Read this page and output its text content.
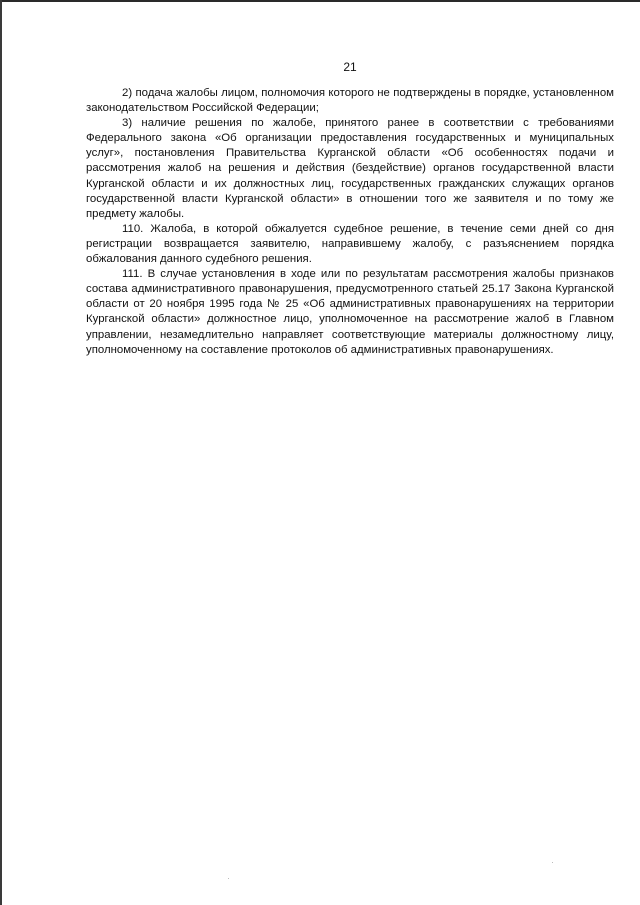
21

2) подача жалобы лицом, полномочия которого не подтверждены в порядке, установленном законодательством Российской Федерации;

3) наличие решения по жалобе, принятого ранее в соответствии с требованиями Федерального закона «Об организации предоставления государственных и муниципальных услуг», постановления Правительства Курганской области «Об особенностях подачи и рассмотрения жалоб на решения и действия (бездействие) органов государственной власти Курганской области и их должностных лиц, государственных гражданских служащих органов государственной власти Курганской области» в отношении того же заявителя и по тому же предмету жалобы.

110. Жалоба, в которой обжалуется судебное решение, в течение семи дней со дня регистрации возвращается заявителю, направившему жалобу, с разъяснением порядка обжалования данного судебного решения.

111. В случае установления в ходе или по результатам рассмотрения жалобы признаков состава административного правонарушения, предусмотренного статьей 25.17 Закона Курганской области от 20 ноября 1995 года № 25 «Об административных правонарушениях на территории Курганской области» должностное лицо, уполномоченное на рассмотрение жалоб в Главном управлении, незамедлительно направляет соответствующие материалы должностному лицу, уполномоченному на составление протоколов об административных правонарушениях.
